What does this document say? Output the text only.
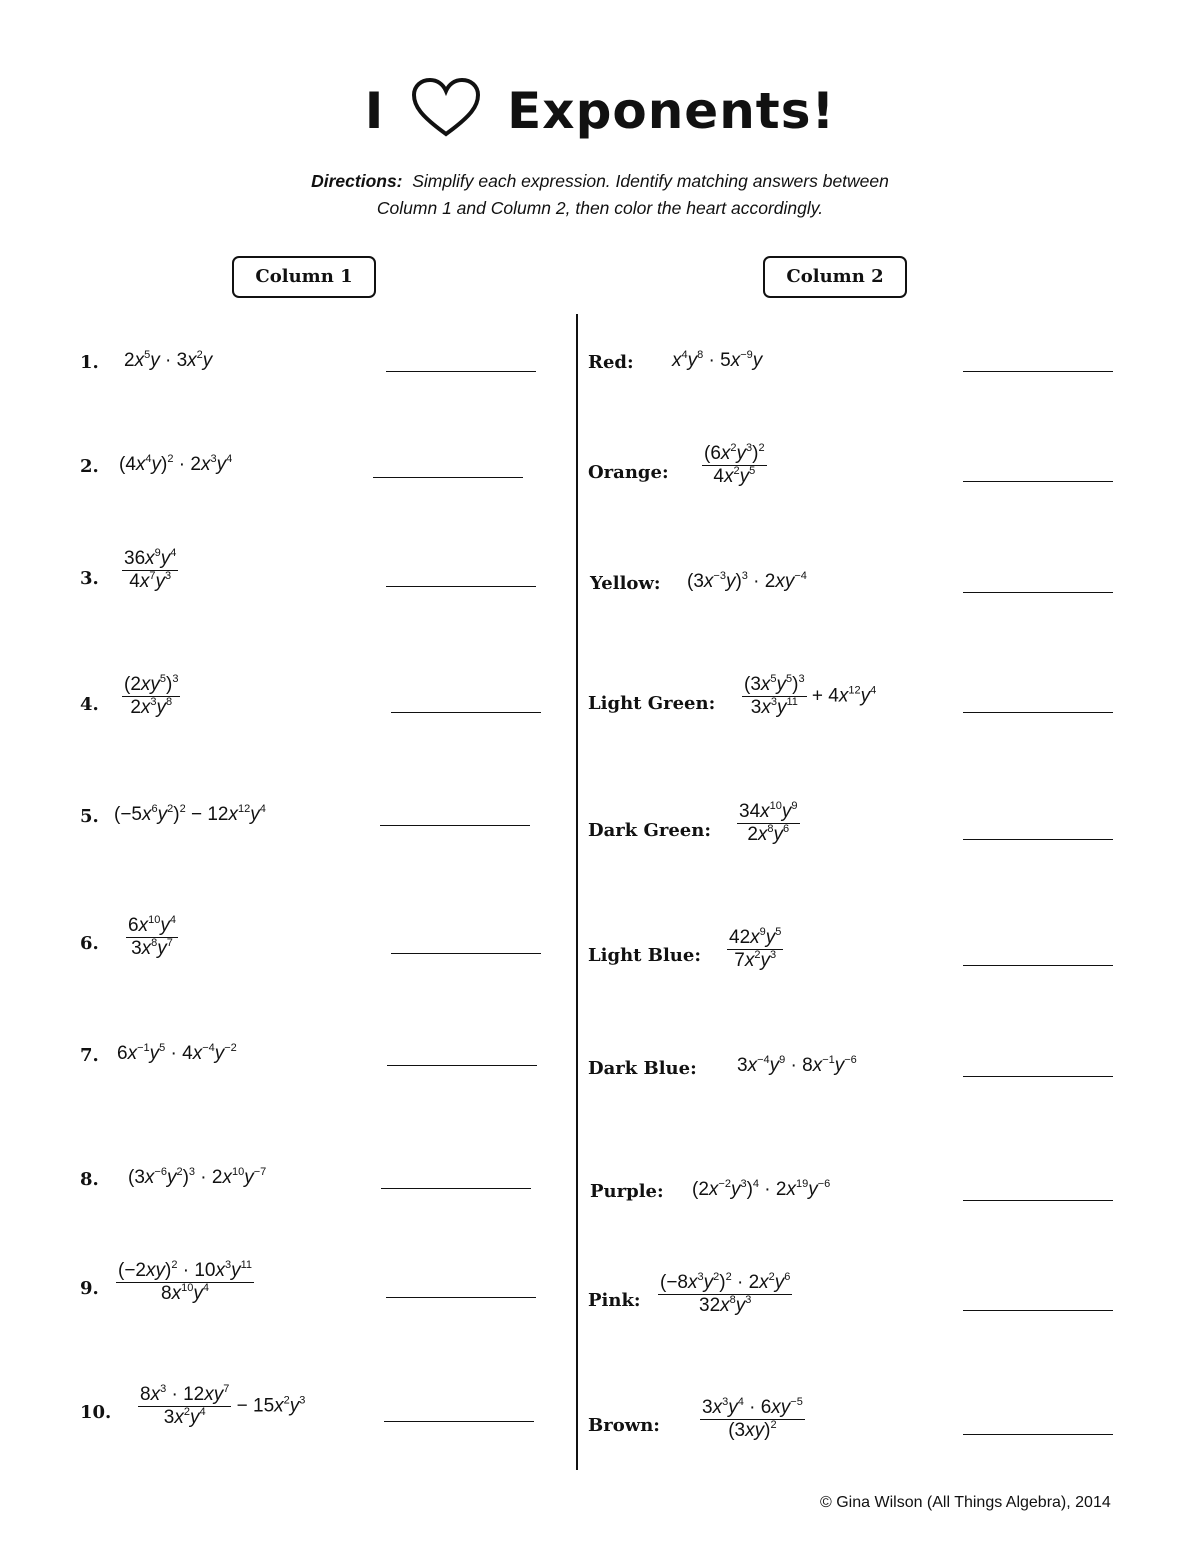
I Exponents!
Directions: Simplify each expression. Identify matching answers between
Column 1 and Column 2, then color the heart accordingly.
Column 1	Column 2
1. $2x^5y \cdot 3x^2y$
2. $(4x^4y)^2 \cdot 2x^3y^4$
3. $\frac{36x^9y^4}{4x^7y^3}$
4. $\frac{(2xy^5)^3}{2x^3y^8}$
5. $(-5x^6y^2)^2 - 12x^{12}y^4$
6. $\frac{6x^{10}y^4}{3x^8y^7}$
7. $6x^{-1}y^5 \cdot 4x^{-4}y^{-2}$
8. $(3x^{-6}y^2)^3 \cdot 2x^{10}y^{-7}$
9. $\frac{(-2xy)^2 \cdot 10x^3y^{11}}{8x^{10}y^4}$
10. $\frac{8x^3 \cdot 12xy^7}{3x^2y^4} - 15x^2y^3$
Red: $x^4y^8 \cdot 5x^{-9}y$
Orange: $\frac{(6x^2y^3)^2}{4x^2y^5}$
Yellow: $(3x^{-3}y)^3 \cdot 2xy^{-4}$
Light Green: $\frac{(3x^5y^5)^3}{3x^3y^{11}} + 4x^{12}y^4$
Dark Green: $\frac{34x^{10}y^9}{2x^8y^6}$
Light Blue: $\frac{42x^9y^5}{7x^2y^3}$
Dark Blue: $3x^{-4}y^9 \cdot 8x^{-1}y^{-6}$
Purple: $(2x^{-2}y^3)^4 \cdot 2x^{19}y^{-6}$
Pink: $\frac{(-8x^3y^2)^2 \cdot 2x^2y^6}{32x^8y^3}$
Brown: $\frac{3x^3y^4 \cdot 6xy^{-5}}{(3xy)^2}$
© Gina Wilson (All Things Algebra), 2014
